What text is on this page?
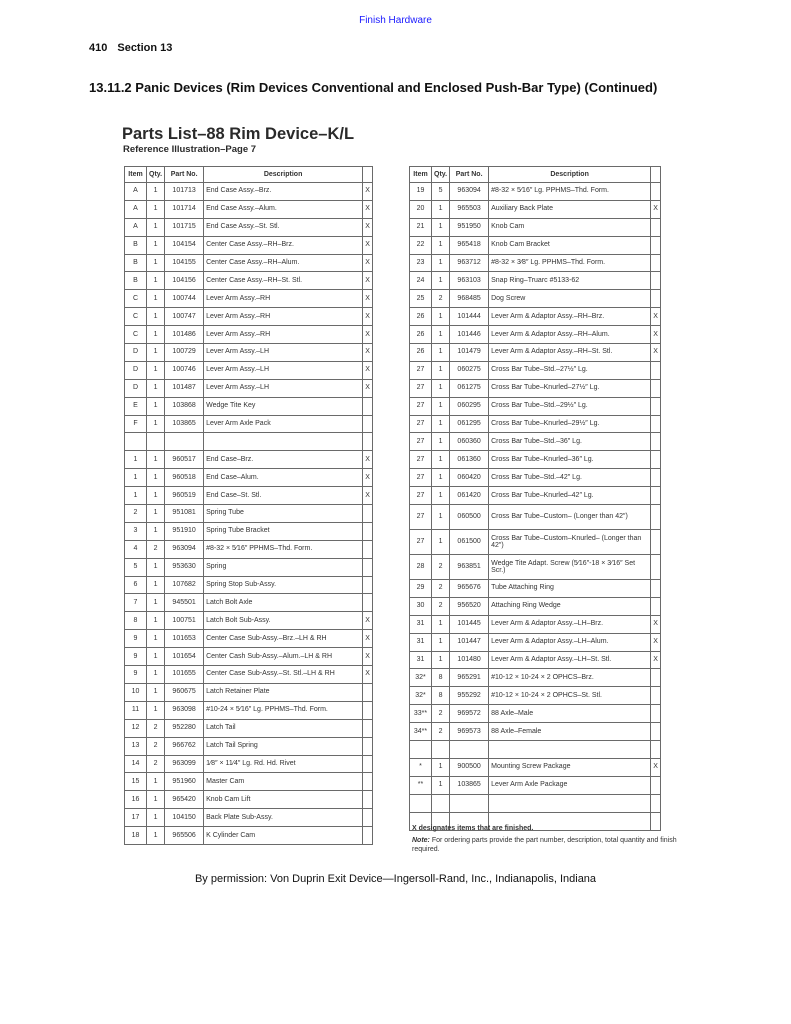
Finish Hardware
410 Section 13
13.11.2 Panic Devices (Rim Devices Conventional and Enclosed Push-Bar Type) (Continued)
Parts List–88 Rim Device–K/L
Reference Illustration–Page 7
Item	Qty.	Part No.	Description	
A	1	101713	End Case Assy.–Brz.	X
A	1	101714	End Case Assy.–Alum.	X
A	1	101715	End Case Assy.–St. Stl.	X
B	1	104154	Center Case Assy.–RH–Brz.	X
B	1	104155	Center Case Assy.–RH–Alum.	X
B	1	104156	Center Case Assy.–RH–St. Stl.	X
C	1	100744	Lever Arm Assy.–RH	X
C	1	100747	Lever Arm Assy.–RH	X
C	1	101486	Lever Arm Assy.–RH	X
D	1	100729	Lever Arm Assy.–LH	X
D	1	100746	Lever Arm Assy.–LH	X
D	1	101487	Lever Arm Assy.–LH	X
E	1	103868	Wedge Tite Key	
F	1	103865	Lever Arm Axle Pack	

1	1	960517	End Case–Brz.	X
1	1	960518	End Case–Alum.	X
1	1	960519	End Case–St. Stl.	X
2	1	951081	Spring Tube	
3	1	951910	Spring Tube Bracket	
4	2	963094	#8-32 × 5⁄16″ PPHMS–Thd. Form.	
5	1	953630	Spring	
6	1	107682	Spring Stop Sub-Assy.	
7	1	945501	Latch Bolt Axle	
8	1	100751	Latch Bolt Sub-Assy.	X
9	1	101653	Center Case Sub-Assy.–Brz.–LH & RH	X
9	1	101654	Center Cash Sub-Assy.–Alum.–LH & RH	X
9	1	101655	Center Case Sub-Assy.–St. Stl.–LH & RH	X
10	1	960675	Latch Retainer Plate	
11	1	963098	#10-24 × 5⁄16″ Lg. PPHMS–Thd. Form.	
12	2	952280	Latch Tail	
13	2	966762	Latch Tail Spring	
14	2	963099	1⁄8″ × 11⁄4″ Lg. Rd. Hd. Rivet	
15	1	951960	Master Cam	
16	1	965420	Knob Cam Lift	
17	1	104150	Back Plate Sub-Assy.	
18	1	965506	K Cylinder Cam	
Item	Qty.	Part No.	Description	
19	5	963094	#8-32 × 5⁄16″ Lg. PPHMS–Thd. Form.	
20	1	965503	Auxiliary Back Plate	X
21	1	951950	Knob Cam	
22	1	965418	Knob Cam Bracket	
23	1	963712	#8-32 × 3⁄8″ Lg. PPHMS–Thd. Form.	
24	1	963103	Snap Ring–Truarc #5133-62	
25	2	968485	Dog Screw	
26	1	101444	Lever Arm & Adaptor Assy.–RH–Brz.	X
26	1	101446	Lever Arm & Adaptor Assy.–RH–Alum.	X
26	1	101479	Lever Arm & Adaptor Assy.–RH–St. Stl.	X
27	1	060275	Cross Bar Tube–Std.–27½″ Lg.	
27	1	061275	Cross Bar Tube–Knurled–27½″ Lg.	
27	1	060295	Cross Bar Tube–Std.–29½″ Lg.	
27	1	061295	Cross Bar Tube–Knurled–29½″ Lg.	
27	1	060360	Cross Bar Tube–Std.–36″ Lg.	
27	1	061360	Cross Bar Tube–Knurled–36″ Lg.	
27	1	060420	Cross Bar Tube–Std.–42″ Lg.	
27	1	061420	Cross Bar Tube–Knurled–42″ Lg.	
27	1	060500	Cross Bar Tube–Custom– (Longer than 42″)	
27	1	061500	Cross Bar Tube–Custom–Knurled– (Longer than 42″)	
28	2	963851	Wedge Tite Adapt. Screw (5⁄16″-18 × 3⁄16″ Set Scr.)	
29	2	965676	Tube Attaching Ring	
30	2	956520	Attaching Ring Wedge	
31	1	101445	Lever Arm & Adaptor Assy.–LH–Brz.	X
31	1	101447	Lever Arm & Adaptor Assy.–LH–Alum.	X
31	1	101480	Lever Arm & Adaptor Assy.–LH–St. Stl.	X
32*	8	965291	#10-12 × 10-24 × 2 OPHCS–Brz.	
32*	8	955292	#10-12 × 10-24 × 2 OPHCS–St. Stl.	
33**	2	969572	88 Axle–Male	
34**	2	969573	88 Axle–Female	

*	1	900500	Mounting Screw Package	X
**	1	103865	Lever Arm Axle Package	

X designates items that are finished.
Note: For ordering parts provide the part number, description, total quantity and finish required.
By permission: Von Duprin Exit Device—Ingersoll-Rand, Inc., Indianapolis, Indiana
